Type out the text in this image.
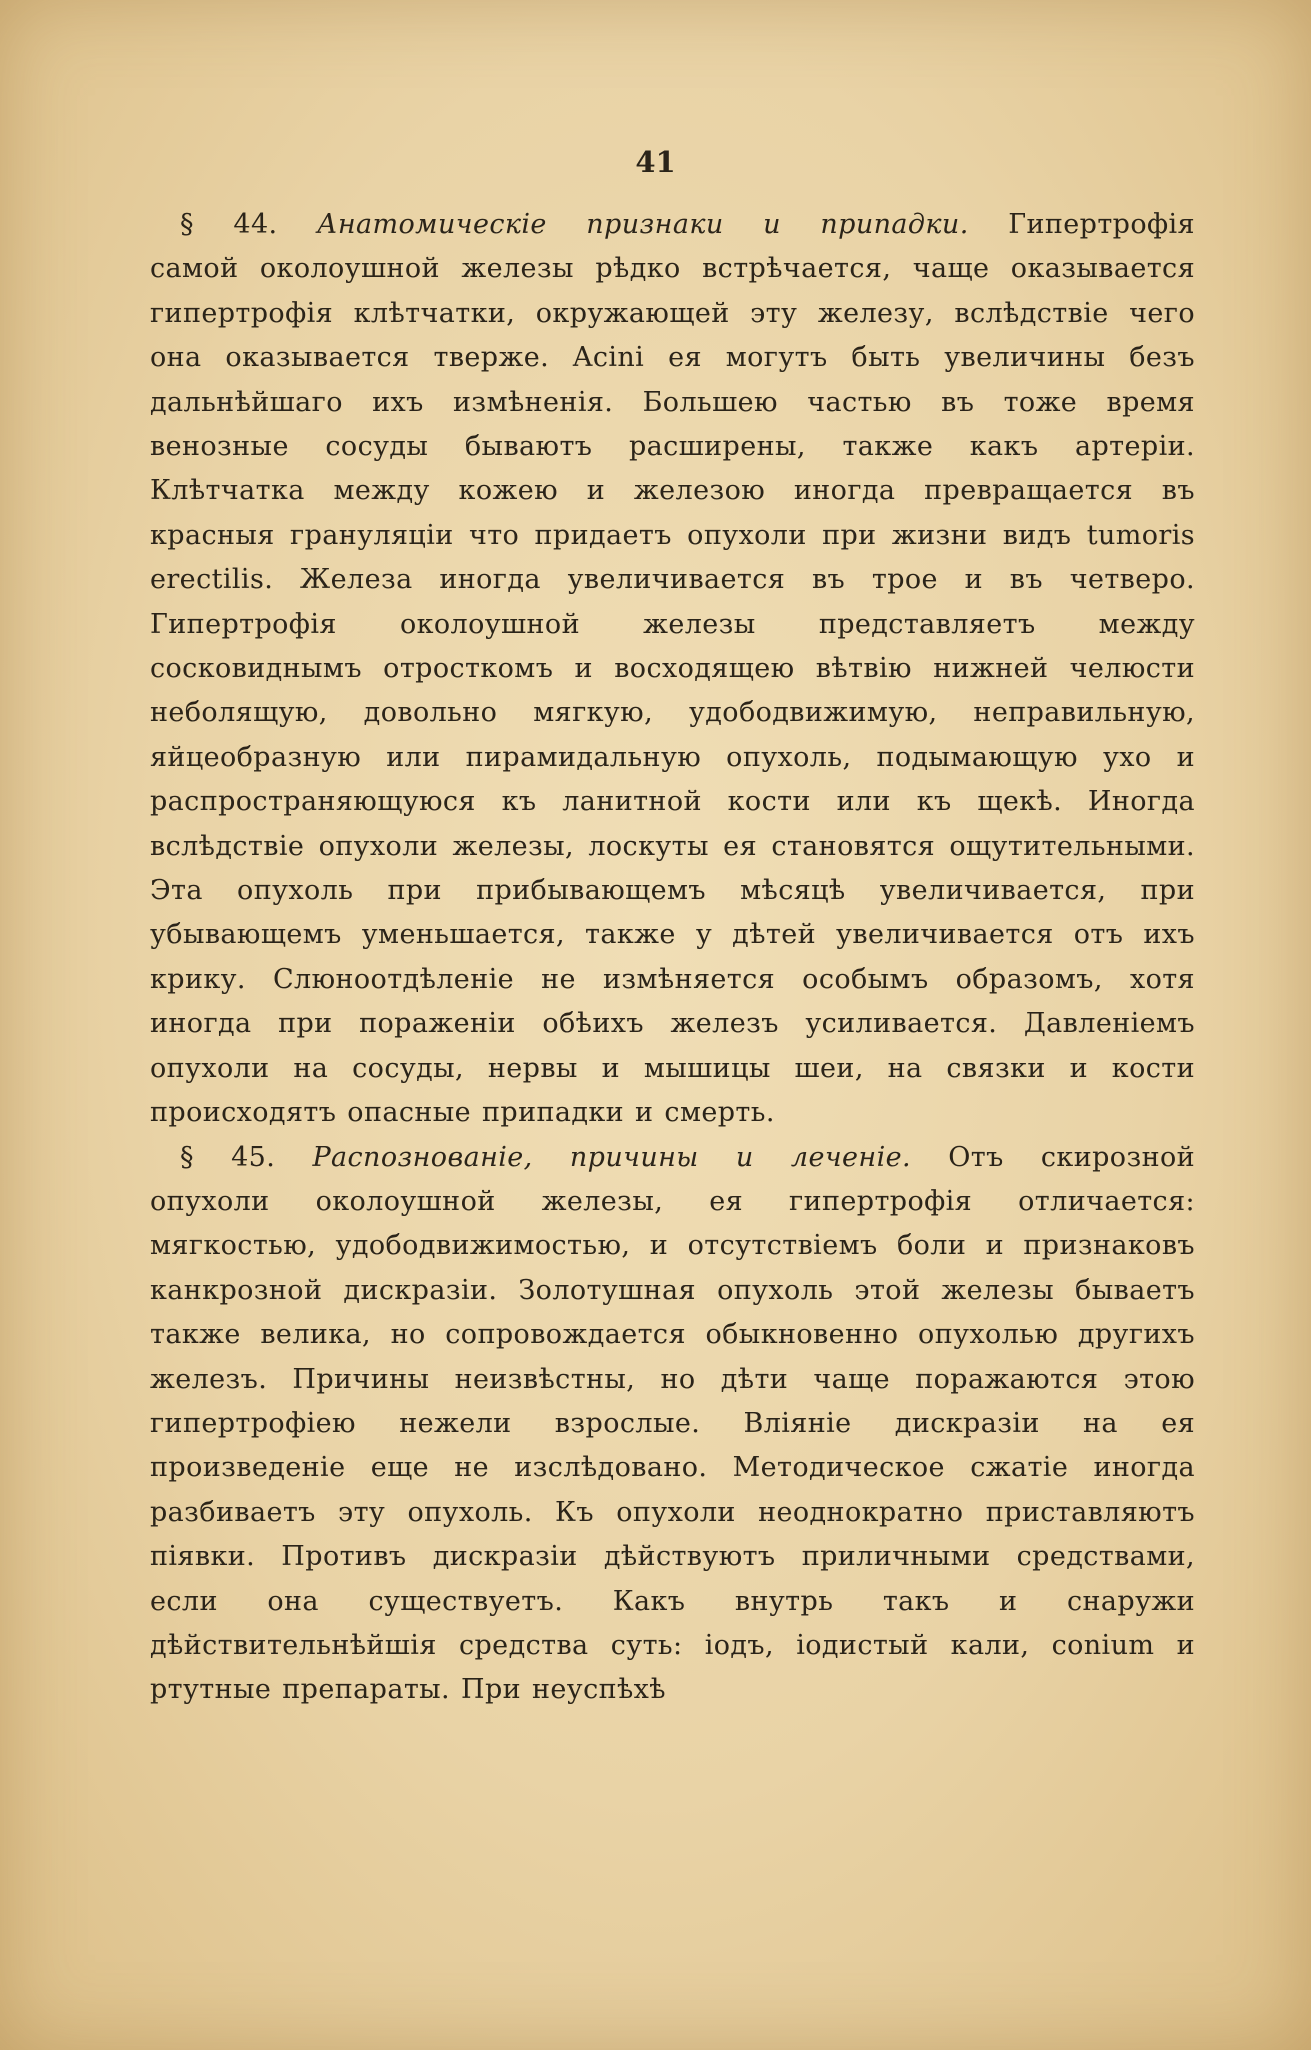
41
§ 44. Анатомическіе признаки и припадки. Гипертрофія
самой околоушной железы рѣдко встрѣчается, чаще оказывается гипертрофія клѣтчатки, окружающей эту железу, вслѣдствіе чего она оказывается тверже. Acini ея могутъ быть увеличины безъ дальнѣйшаго ихъ измѣненія. Большею частью въ тоже время венозные сосуды бываютъ расширены, также какъ артеріи. Клѣтчатка между кожею и железою иногда превращается въ красныя грануляціи что придаетъ опухоли при жизни видъ tumoris erectilis. Железа иногда увеличивается въ трое и въ четверо. Гипертрофія околоушной железы представляетъ между сосковиднымъ отросткомъ и восходящею вѣтвію нижней челюсти неболящую, довольно мягкую, удободвижимую, неправильную, яйцеобразную или пирамидальную опухоль, подымающую ухо и распространяющуюся къ ланитной кости или къ щекѣ. Иногда вслѣдствіе опухоли железы, лоскуты ея становятся ощутительными. Эта опухоль при прибывающемъ мѣсяцѣ увеличивается, при убывающемъ уменьшается, также у дѣтей увеличивается отъ ихъ крику. Слюноотдѣленіе не измѣняется особымъ образомъ, хотя иногда при пораженіи обѣихъ железъ усиливается. Давленіемъ опухоли на сосуды, нервы и мышицы шеи, на связки и кости происходятъ опасные припадки и смерть.
§ 45. Распознованіе, причины и леченіе. Отъ скирозной
опухоли околоушной железы, ея гипертрофія отличается: мягкостью, удободвижимостью, и отсутствіемъ боли и признаковъ канкрозной дискразіи. Золотушная опухоль этой железы бываетъ также велика, но сопровождается обыкновенно опухолью другихъ железъ. Причины неизвѣстны, но дѣти чаще поражаются этою гипертрофіею нежели взрослые. Вліяніе дискразіи на ея произведеніе еще не изслѣдовано. Методическое сжатіе иногда разбиваетъ эту опухоль. Къ опухоли неоднократно приставляютъ піявки. Противъ дискразіи дѣйствуютъ приличными средствами, если она существуетъ. Какъ внутрь такъ и снаружи дѣйствительнѣйшія средства суть: іодъ, іодистый кали, conium и ртутные препараты. При неуспѣхѣ
